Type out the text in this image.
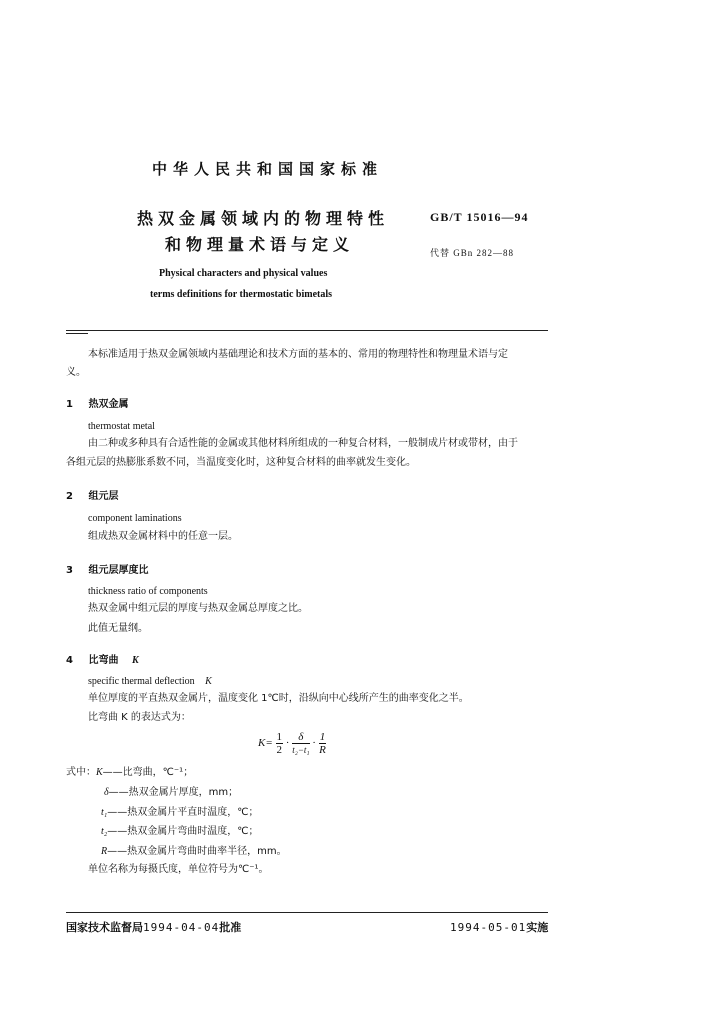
中华人民共和国国家标准
热双金属领域内的物理特性
和物理量术语与定义
GB/T 15016—94
代替 GBn 282—88
Physical characters and physical values
terms definitions for thermostatic bimetals
本标准适用于热双金属领域内基础理论和技术方面的基本的、常用的物理特性和物理量术语与定
义。
1 热双金属
thermostat metal
由二种或多种具有合适性能的金属或其他材料所组成的一种复合材料，一般制成片材或带材，由于
各组元层的热膨胀系数不同，当温度变化时，这种复合材料的曲率就发生变化。
2 组元层
component laminations
组成热双金属材料中的任意一层。
3 组元层厚度比
thickness ratio of components
热双金属中组元层的厚度与热双金属总厚度之比。
此值无量纲。
4 比弯曲 K
specific thermal deflection K
单位厚度的平直热双金属片，温度变化 1℃时，沿纵向中心线所产生的曲率变化之半。
比弯曲 K 的表达式为：
$K= \frac{1}{2} \cdot \frac{\delta}{\text{t₂−t₁}} \cdot \frac{1}{R}$
式中： K——比弯曲，℃⁻¹；
δ——热双金属片厚度，mm；
t₁——热双金属片平直时温度，℃；
t₂——热双金属片弯曲时温度，℃；
R——热双金属片弯曲时曲率半径，mm。
单位名称为每摄氏度，单位符号为℃⁻¹。
国家技术监督局1994-04-04批准	1994-05-01实施
